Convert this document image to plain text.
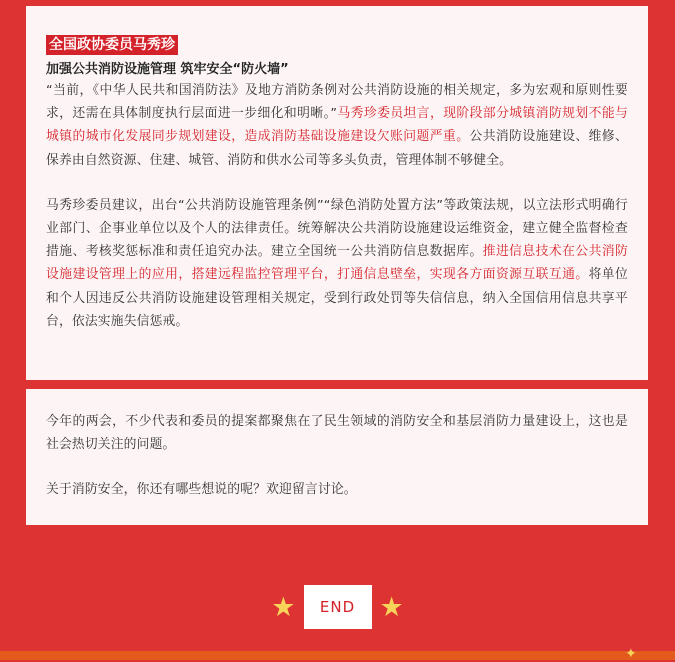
全国政协委员马秀珍
加强公共消防设施管理 筑牢安全“防火墙”

“当前，《中华人民共和国消防法》及地方消防条例对公共消防设施的相关规定，多为宏观和原则性要求，还需在具体制度执行层面进一步细化和明晰。”马秀珍委员坦言，现阶段部分城镇消防规划不能与城镇的城市化发展同步规划建设，造成消防基础设施建设欠账问题严重。公共消防设施建设、维修、保养由自然资源、住建、城管、消防和供水公司等多头负责，管理体制不够健全。

马秀珍委员建议，出台“公共消防设施管理条例”“绿色消防处置方法”等政策法规，以立法形式明确行业部门、企事业单位以及个人的法律责任。统筹解决公共消防设施建设运维资金，建立健全监督检查措施、考核奖惩标准和责任追究办法。建立全国统一公共消防信息数据库。推进信息技术在公共消防设施建设管理上的应用，搭建远程监控管理平台，打通信息壁垒，实现各方面资源互联互通。将单位和个人因违反公共消防设施建设管理相关规定，受到行政处罚等失信信息，纳入全国信用信息共享平台，依法实施失信惩戒。

今年的两会，不少代表和委员的提案都聚焦在了民生领域的消防安全和基层消防力量建设上，这也是社会热切关注的问题。

关于消防安全，你还有哪些想说的呢？欢迎留言讨论。

★	END ★
✦
